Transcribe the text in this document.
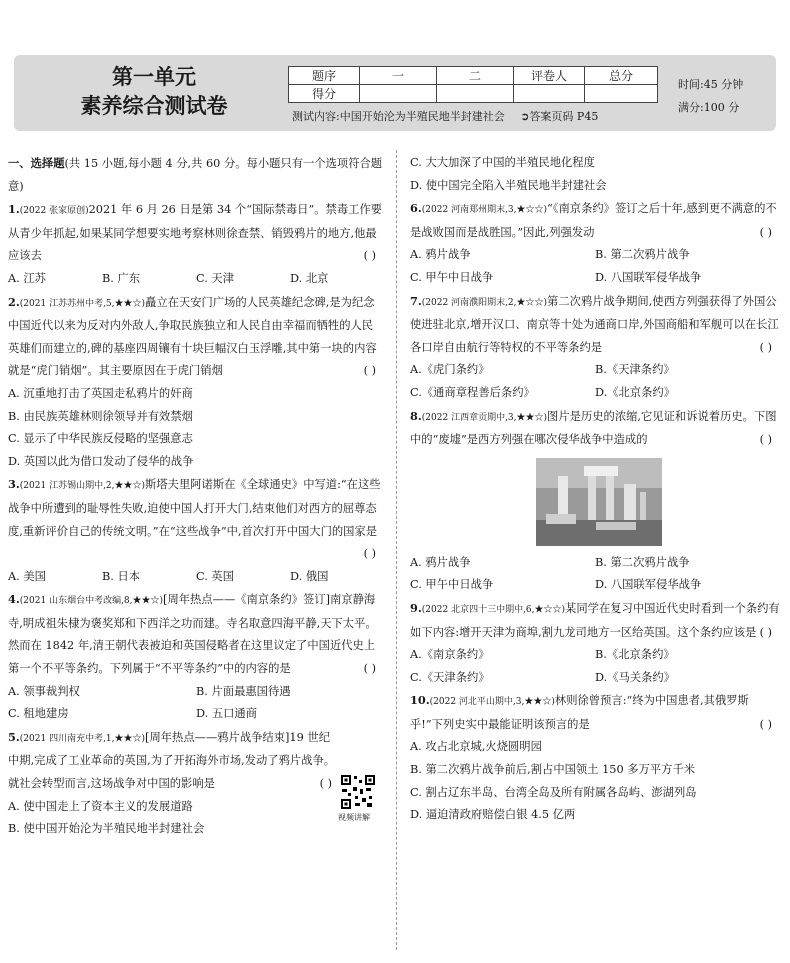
第一单元
素养综合测试卷
题序	一	二	评卷人	总分
得分				
测试内容:中国开始沦为半殖民地半封建社会 ➲答案页码 P45
时间:45 分钟
满分:100 分

一、选择题(共 15 小题,每小题 4 分,共 60 分。每小题只有一个选项符合题意)

1.(2022 张家原创)2021 年 6 月 26 日是第 34 个“国际禁毒日”。禁毒工作要从青少年抓起,如果某同学想要实地考察林则徐查禁、销毁鸦片的地方,他最应该去	( )
A. 江苏	B. 广东	C. 天津	D. 北京
2.(2021 江苏苏州中考,5,★★☆)矗立在天安门广场的人民英雄纪念碑,是为纪念中国近代以来为反对内外敌人,争取民族独立和人民自由幸福而牺牲的人民英雄们而建立的,碑的基座四周镶有十块巨幅汉白玉浮雕,其中第一块的内容就是“虎门销烟”。其主要原因在于虎门销烟	( )
A. 沉重地打击了英国走私鸦片的奸商
B. 由民族英雄林则徐领导并有效禁烟
C. 显示了中华民族反侵略的坚强意志
D. 英国以此为借口发动了侵华的战争
3.(2021 江苏锡山期中,2,★★☆)斯塔夫里阿诺斯在《全球通史》中写道:“在这些战争中所遭到的耻辱性失败,迫使中国人打开大门,结束他们对西方的屈尊态度,重新评价自己的传统文明。”在“这些战争”中,首次打开中国大门的国家是
( )
A. 美国	B. 日本	C. 英国	D. 俄国
4.(2021 山东烟台中考改编,8,★★☆)[周年热点——《南京条约》签订]南京静海寺,明成祖朱棣为褒奖郑和下西洋之功而建。寺名取意四海平静,天下太平。然而在 1842 年,清王朝代表被迫和英国侵略者在这里议定了中国近代史上第一个不平等条约。下列属于“不平等条约”中的内容的是	( )
A. 领事裁判权	B. 片面最惠国待遇
C. 租地建房	D. 五口通商
5.(2021 四川南充中考,1,★★☆)[周年热点——鸦片战争结束]19 世纪中期,完成了工业革命的英国,为了开拓海外市场,发动了鸦片战争。就社会转型而言,这场战争对中国的影响是	( )
A. 使中国走上了资本主义的发展道路
B. 使中国开始沦为半殖民地半封建社会
视频讲解
C. 大大加深了中国的半殖民地化程度
D. 使中国完全陷入半殖民地半封建社会
6.(2022 河南郑州期末,3,★☆☆)“《南京条约》签订之后十年,感到更不满意的不是战败国而是战胜国。”因此,列强发动	( )
A. 鸦片战争	B. 第二次鸦片战争
C. 甲午中日战争	D. 八国联军侵华战争
7.(2022 河南濮阳期末,2,★☆☆)第二次鸦片战争期间,使西方列强获得了外国公使进驻北京,增开汉口、南京等十处为通商口岸,外国商船和军舰可以在长江各口岸自由航行等特权的不平等条约是	( )
A.《虎门条约》	B.《天津条约》
C.《通商章程善后条约》	D.《北京条约》
8.(2022 江西章贡期中,3,★★☆)图片是历史的浓缩,它见证和诉说着历史。下图中的“废墟”是西方列强在哪次侵华战争中造成的	( )
A. 鸦片战争	B. 第二次鸦片战争
C. 甲午中日战争	D. 八国联军侵华战争
9.(2022 北京四十三中期中,6,★☆☆)某同学在复习中国近代史时看到一个条约有如下内容:增开天津为商埠,割九龙司地方一区给英国。这个条约应该是 ( )
A.《南京条约》	B.《北京条约》
C.《天津条约》	D.《马关条约》
10.(2022 河北平山期中,3,★★☆)林则徐曾预言:“终为中国患者,其俄罗斯乎!”下列史实中最能证明该预言的是	( )
A. 攻占北京城,火烧圆明园
B. 第二次鸦片战争前后,割占中国领土 150 多万平方千米
C. 割占辽东半岛、台湾全岛及所有附属各岛屿、澎湖列岛
D. 逼迫清政府赔偿白银 4.5 亿两
